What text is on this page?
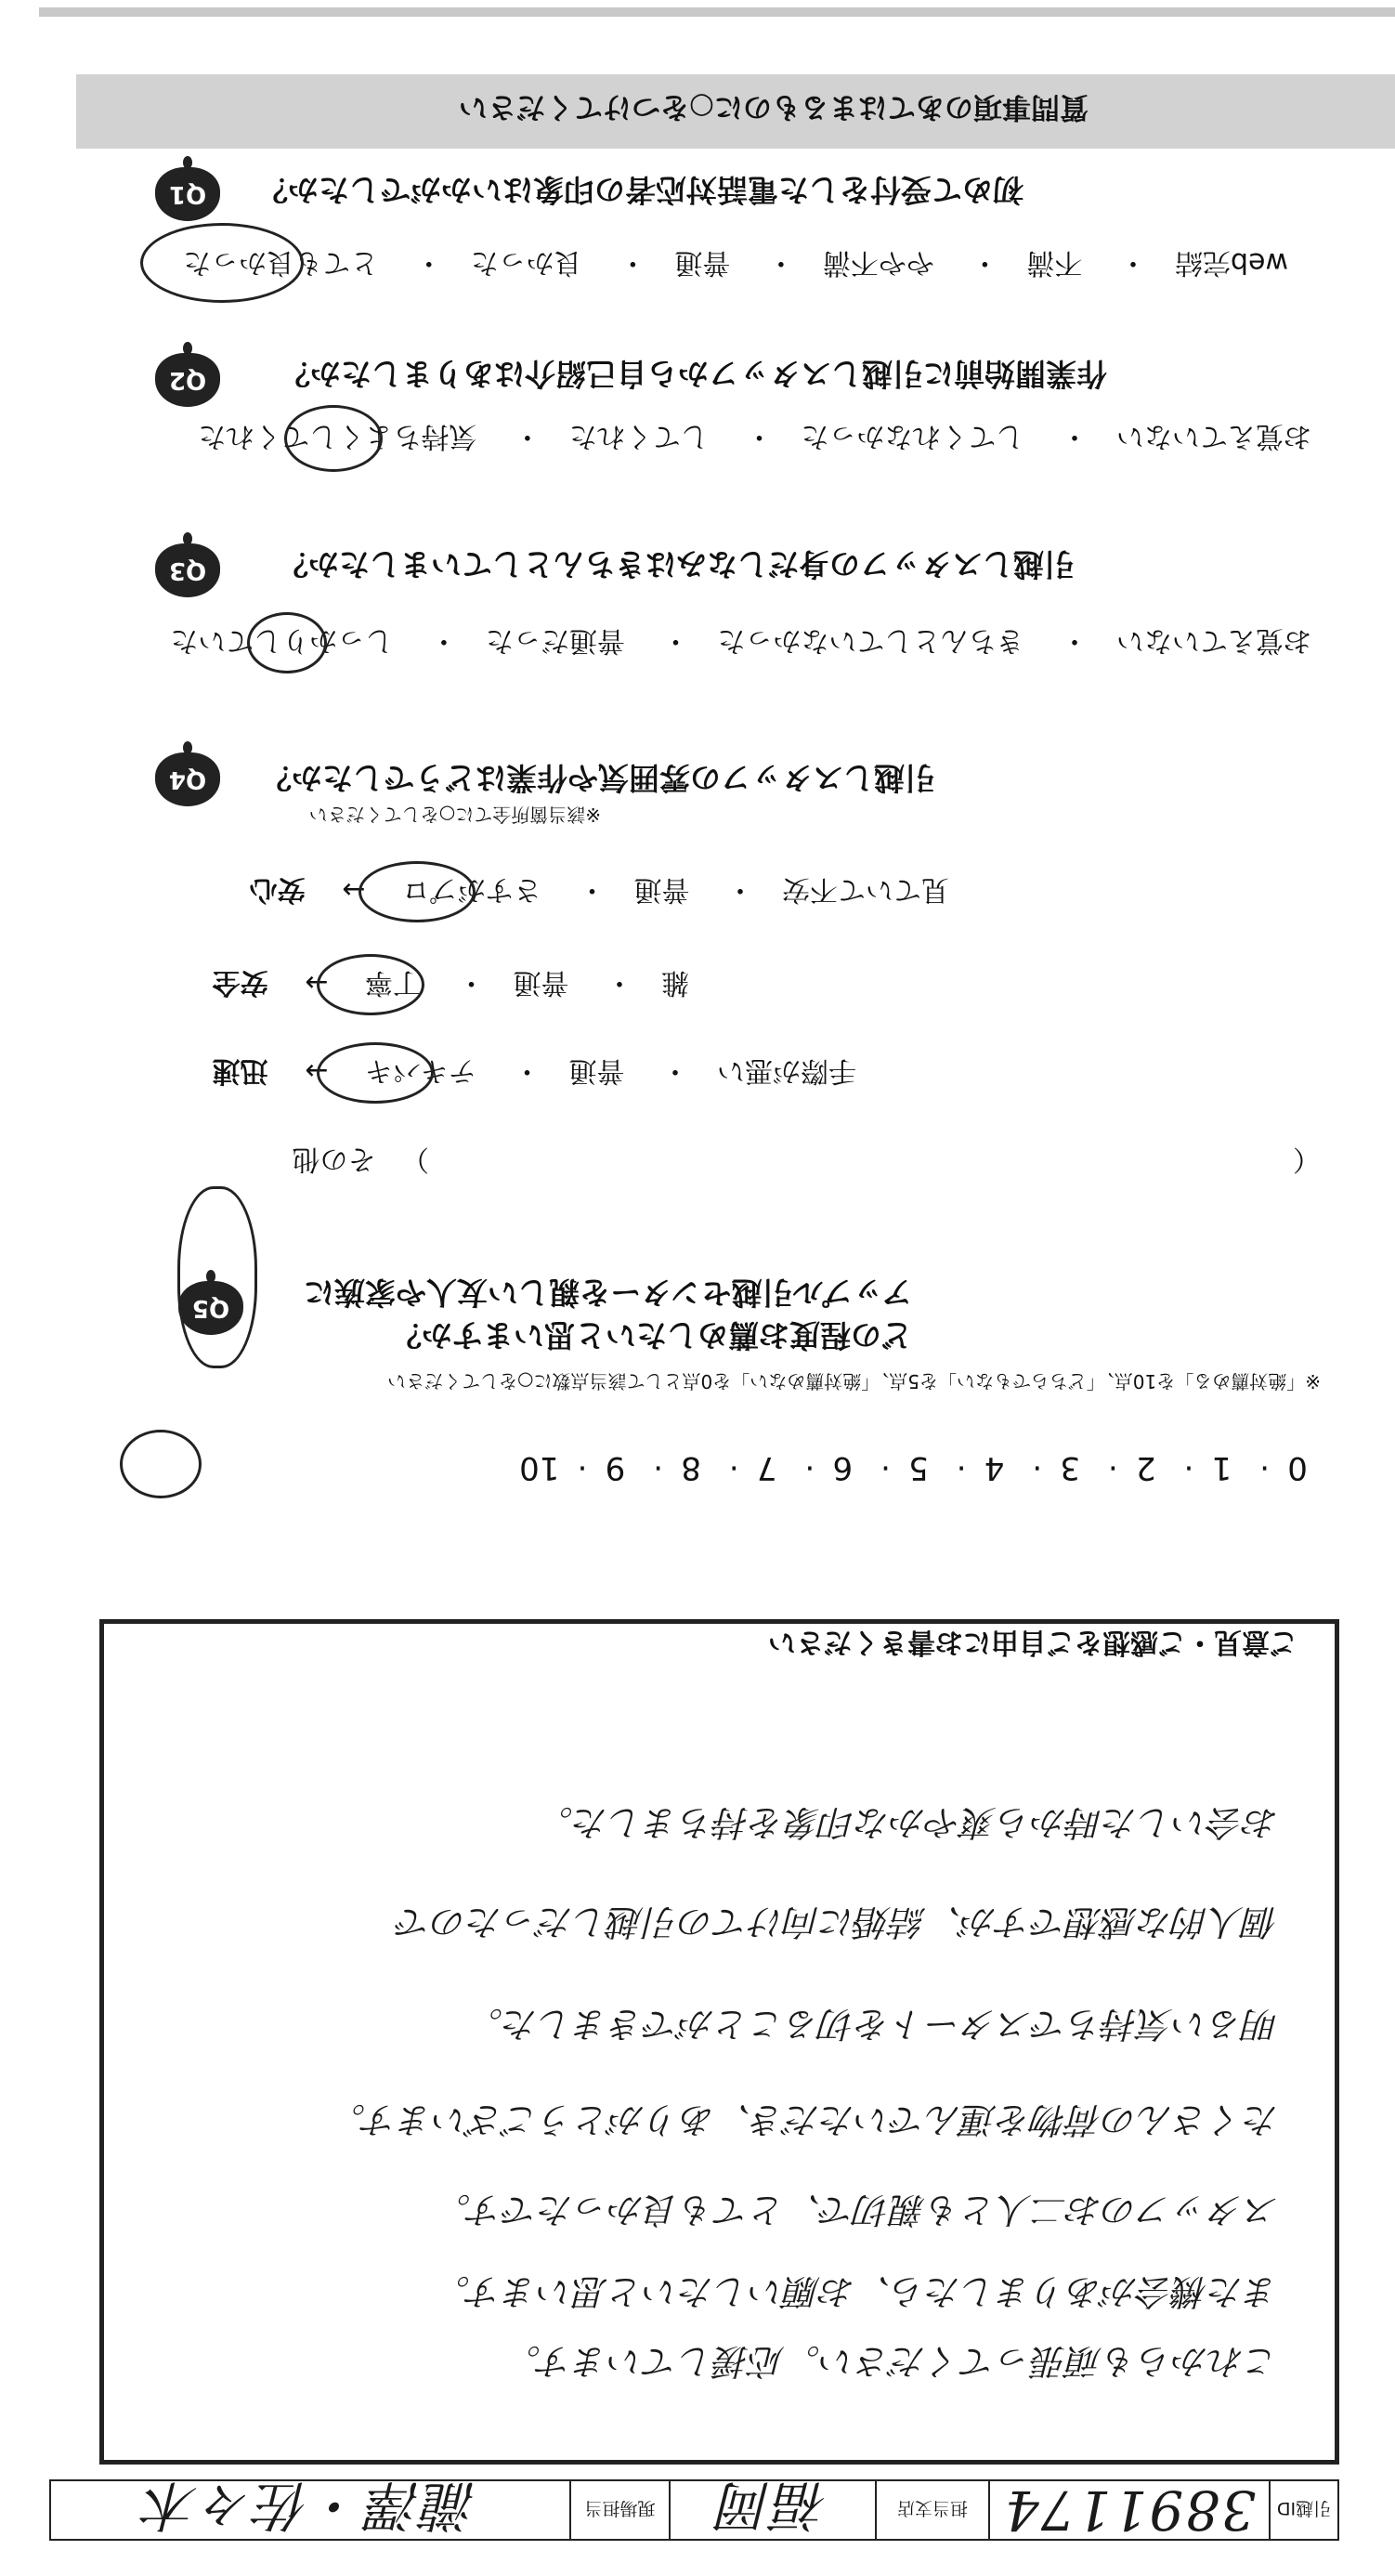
引越ID
3891174
担当支店
福岡
現場担当
瀧澤・佐々木
これからも頑張ってください。応援しています。
また機会がありましたら、お願いしたいと思います。
スタッフのお二人とも親切で、とても良かったです。
たくさんの荷物を運んでいただき、ありがとうございます。
明るい気持ちでスタートを切ることができました。
個人的な感想ですが、結婚に向けての引越しだったので
お会いした時から爽やかな印象を持ちました。
ご意見・ご感想をご自由にお書きください
0· 1· 2· 3· 4· 5· 6· 7· 8· 9· 10
※「絶対薦める」を10点、「どちらでもない」を5点、「絶対薦めない」を0点として該当点数に○をしてください
どの程度お薦めしたいと思いますか？
アップル引越センターを親しい友人や家族に
Q5
（　　　　　　　　　　　　　　　　　　　　　　　　　　　　　　　） その他
手際が悪い　・　 普通　・　 テキパキ　 →　 迅速
雑　・　 普通　・　 丁寧　 →　 安全
見ていて不安　・　 普通　・　 さすがプロ　 →　 安心
※該当箇所全てに○をしてください
引越しスタッフの雰囲気や作業はどうでしたか？
Q4
お覚えていない　・　 きちんとしていなかった　・　 普通だった　・　 しっかりしていた
引越しスタッフの身だしなみはきちんとしていましたか？
Q3
お覚えていない　・　 してくれなかった　・　 してくれた　・　 気持ちよくしてくれた
作業開始前に引越しスタッフから自己紹介はありましたか？
Q2
web完結　・　 不満　・　 やや不満　・　 普通　・　 良かった　・　 とても良かった
初めて受付をした電話対応者の印象はいかがでしたか？
Q1
質問事項のあてはまるものに○をつけてください
